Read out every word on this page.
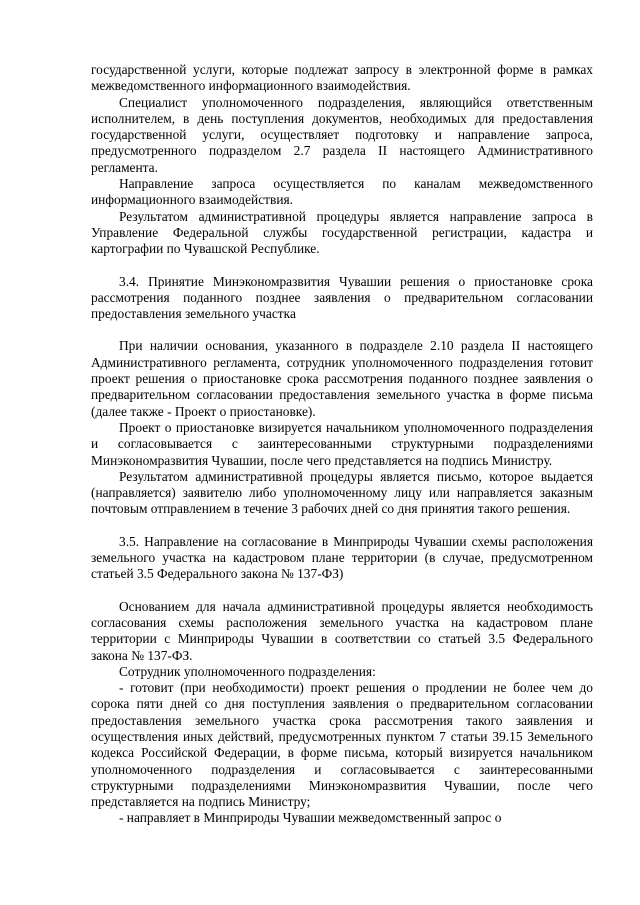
государственной услуги, которые подлежат запросу в электронной форме в рамках межведомственного информационного взаимодействия.

Специалист уполномоченного подразделения, являющийся ответственным исполнителем, в день поступления документов, необходимых для предоставления государственной услуги, осуществляет подготовку и направление запроса, предусмотренного подразделом 2.7 раздела II настоящего Административного регламента.

Направление запроса осуществляется по каналам межведомственного информационного взаимодействия.

Результатом административной процедуры является направление запроса в Управление Федеральной службы государственной регистрации, кадастра и картографии по Чувашской Республике.

3.4. Принятие Минэкономразвития Чувашии решения о приостановке срока рассмотрения поданного позднее заявления о предварительном согласовании предоставления земельного участка

При наличии основания, указанного в подразделе 2.10 раздела II настоящего Административного регламента, сотрудник уполномоченного подразделения готовит проект решения о приостановке срока рассмотрения поданного позднее заявления о предварительном согласовании предоставления земельного участка в форме письма (далее также - Проект о приостановке).

Проект о приостановке визируется начальником уполномоченного подразделения и согласовывается с заинтересованными структурными подразделениями Минэкономразвития Чувашии, после чего представляется на подпись Министру.

Результатом административной процедуры является письмо, которое выдается (направляется) заявителю либо уполномоченному лицу или направляется заказным почтовым отправлением в течение 3 рабочих дней со дня принятия такого решения.

3.5. Направление на согласование в Минприроды Чувашии схемы расположения земельного участка на кадастровом плане территории (в случае, предусмотренном статьей 3.5 Федерального закона № 137-ФЗ)

Основанием для начала административной процедуры является необходимость согласования схемы расположения земельного участка на кадастровом плане территории с Минприроды Чувашии в соответствии со статьей 3.5 Федерального закона № 137-ФЗ.

Сотрудник уполномоченного подразделения:

- готовит (при необходимости) проект решения о продлении не более чем до сорока пяти дней со дня поступления заявления о предварительном согласовании предоставления земельного участка срока рассмотрения такого заявления и осуществления иных действий, предусмотренных пунктом 7 статьи 39.15 Земельного кодекса Российской Федерации, в форме письма, который визируется начальником уполномоченного подразделения и согласовывается с заинтересованными структурными подразделениями Минэкономразвития Чувашии, после чего представляется на подпись Министру;

- направляет в Минприроды Чувашии межведомственный запрос о
